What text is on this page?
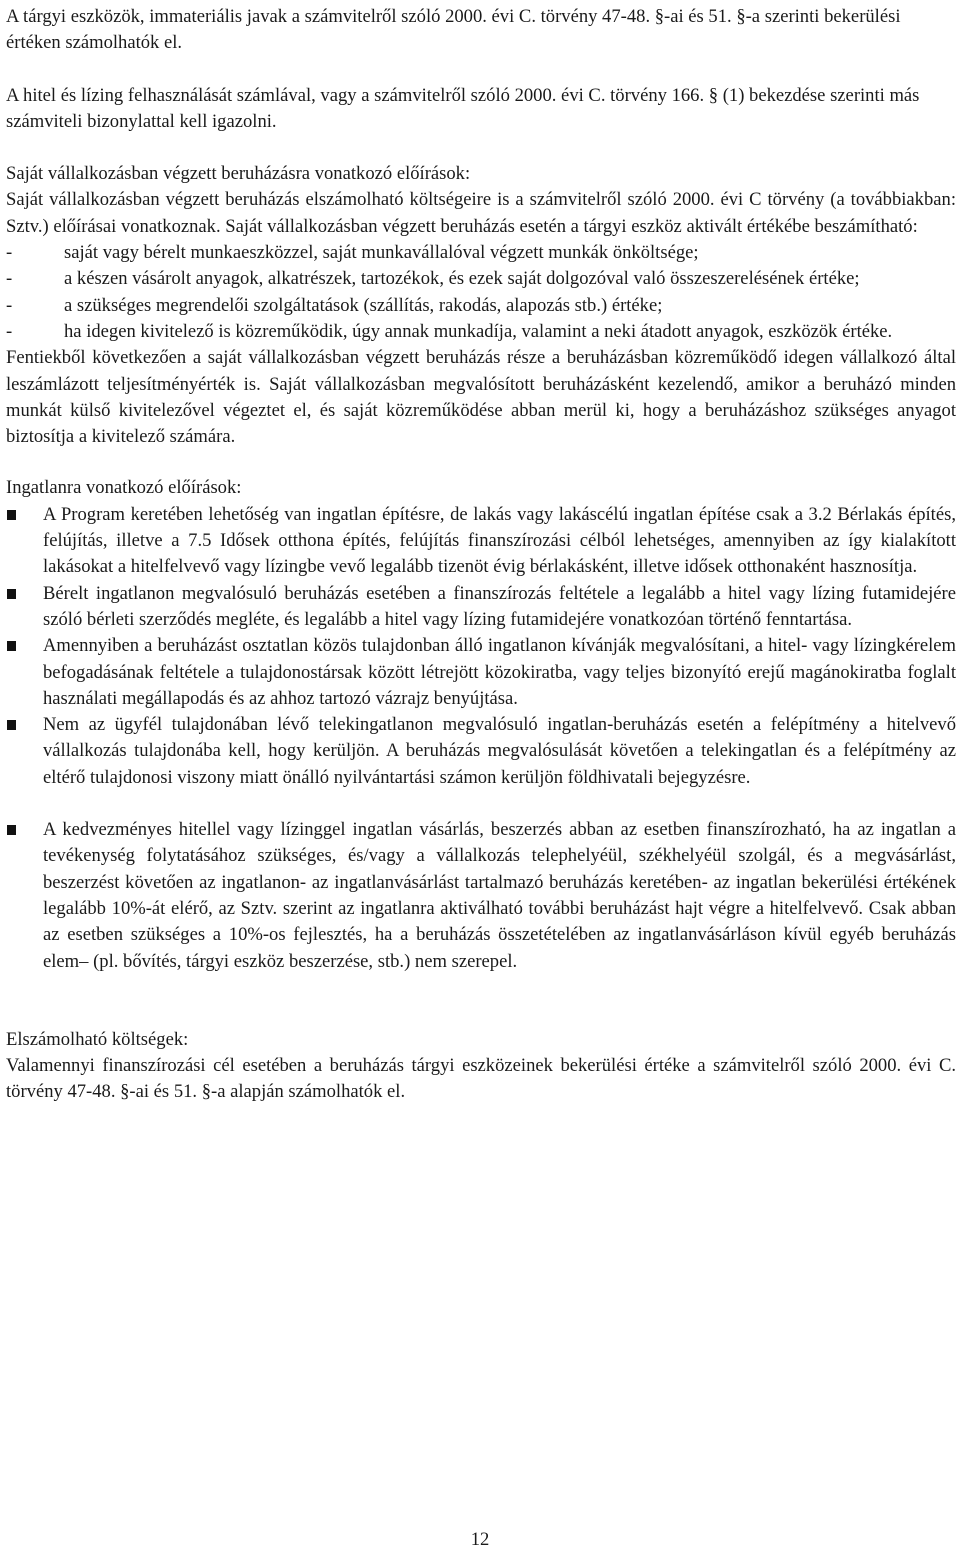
A tárgyi eszközök, immateriális javak a számvitelről szóló 2000. évi C. törvény 47-48. §-ai és 51. §-a szerinti bekerülési értéken számolhatók el.

A hitel és lízing felhasználását számlával, vagy a számvitelről szóló 2000. évi C. törvény 166. § (1) bekezdése szerinti más számviteli bizonylattal kell igazolni.

Saját vállalkozásban végzett beruházásra vonatkozó előírások:

Saját vállalkozásban végzett beruházás elszámolható költségeire is a számvitelről szóló 2000. évi C törvény (a továbbiakban: Sztv.) előírásai vonatkoznak. Saját vállalkozásban végzett beruházás esetén a tárgyi eszköz aktivált értékébe beszámítható:

-	saját vagy bérelt munkaeszközzel, saját munkavállalóval végzett munkák önköltsége;
-	a készen vásárolt anyagok, alkatrészek, tartozékok, és ezek saját dolgozóval való összeszerelésének értéke;
-	a szükséges megrendelői szolgáltatások (szállítás, rakodás, alapozás stb.) értéke;
-	ha idegen kivitelező is közreműködik, úgy annak munkadíja, valamint a neki átadott anyagok, eszközök értéke.

Fentiekből következően a saját vállalkozásban végzett beruházás része a beruházásban közreműködő idegen vállalkozó által leszámlázott teljesítményérték is. Saját vállalkozásban megvalósított beruházásként kezelendő, amikor a beruházó minden munkát külső kivitelezővel végeztet el, és saját közreműködése abban merül ki, hogy a beruházáshoz szükséges anyagot biztosítja a kivitelező számára.

Ingatlanra vonatkozó előírások:

A Program keretében lehetőség van ingatlan építésre, de lakás vagy lakáscélú ingatlan építése csak a 3.2 Bérlakás építés, felújítás, illetve a 7.5 Idősek otthona építés, felújítás finanszírozási célból lehetséges, amennyiben az így kialakított lakásokat a hitelfelvevő vagy lízingbe vevő legalább tizenöt évig bérlakásként, illetve idősek otthonaként hasznosítja.
Bérelt ingatlanon megvalósuló beruházás esetében a finanszírozás feltétele a legalább a hitel vagy lízing futamidejére szóló bérleti szerződés megléte, és legalább a hitel vagy lízing futamidejére vonatkozóan történő fenntartása.
Amennyiben a beruházást osztatlan közös tulajdonban álló ingatlanon kívánják megvalósítani, a hitel- vagy lízingkérelem befogadásának feltétele a tulajdonostársak között létrejött közokiratba, vagy teljes bizonyító erejű magánokiratba foglalt használati megállapodás és az ahhoz tartozó vázrajz benyújtása.
Nem az ügyfél tulajdonában lévő telekingatlanon megvalósuló ingatlan-beruházás esetén a felépítmény a hitelvevő vállalkozás tulajdonába kell, hogy kerüljön. A beruházás megvalósulását követően a telekingatlan és a felépítmény az eltérő tulajdonosi viszony miatt önálló nyilvántartási számon kerüljön földhivatali bejegyzésre.
A kedvezményes hitellel vagy lízinggel ingatlan vásárlás, beszerzés abban az esetben finanszírozható, ha az ingatlan a tevékenység folytatásához szükséges, és/vagy a vállalkozás telephelyéül, székhelyéül szolgál, és a megvásárlást, beszerzést követően az ingatlanon- az ingatlanvásárlást tartalmazó beruházás keretében- az ingatlan bekerülési értékének legalább 10%-át elérő, az Sztv. szerint az ingatlanra aktiválható további beruházást hajt végre a hitelfelvevő. Csak abban az esetben szükséges a 10%-os fejlesztés, ha a beruházás összetételében az ingatlanvásárláson kívül egyéb beruházás elem– (pl. bővítés, tárgyi eszköz beszerzése, stb.) nem szerepel.

Elszámolható költségek:

Valamennyi finanszírozási cél esetében a beruházás tárgyi eszközeinek bekerülési értéke a számvitelről szóló 2000. évi C. törvény 47-48. §-ai és 51. §-a alapján számolhatók el.

12
